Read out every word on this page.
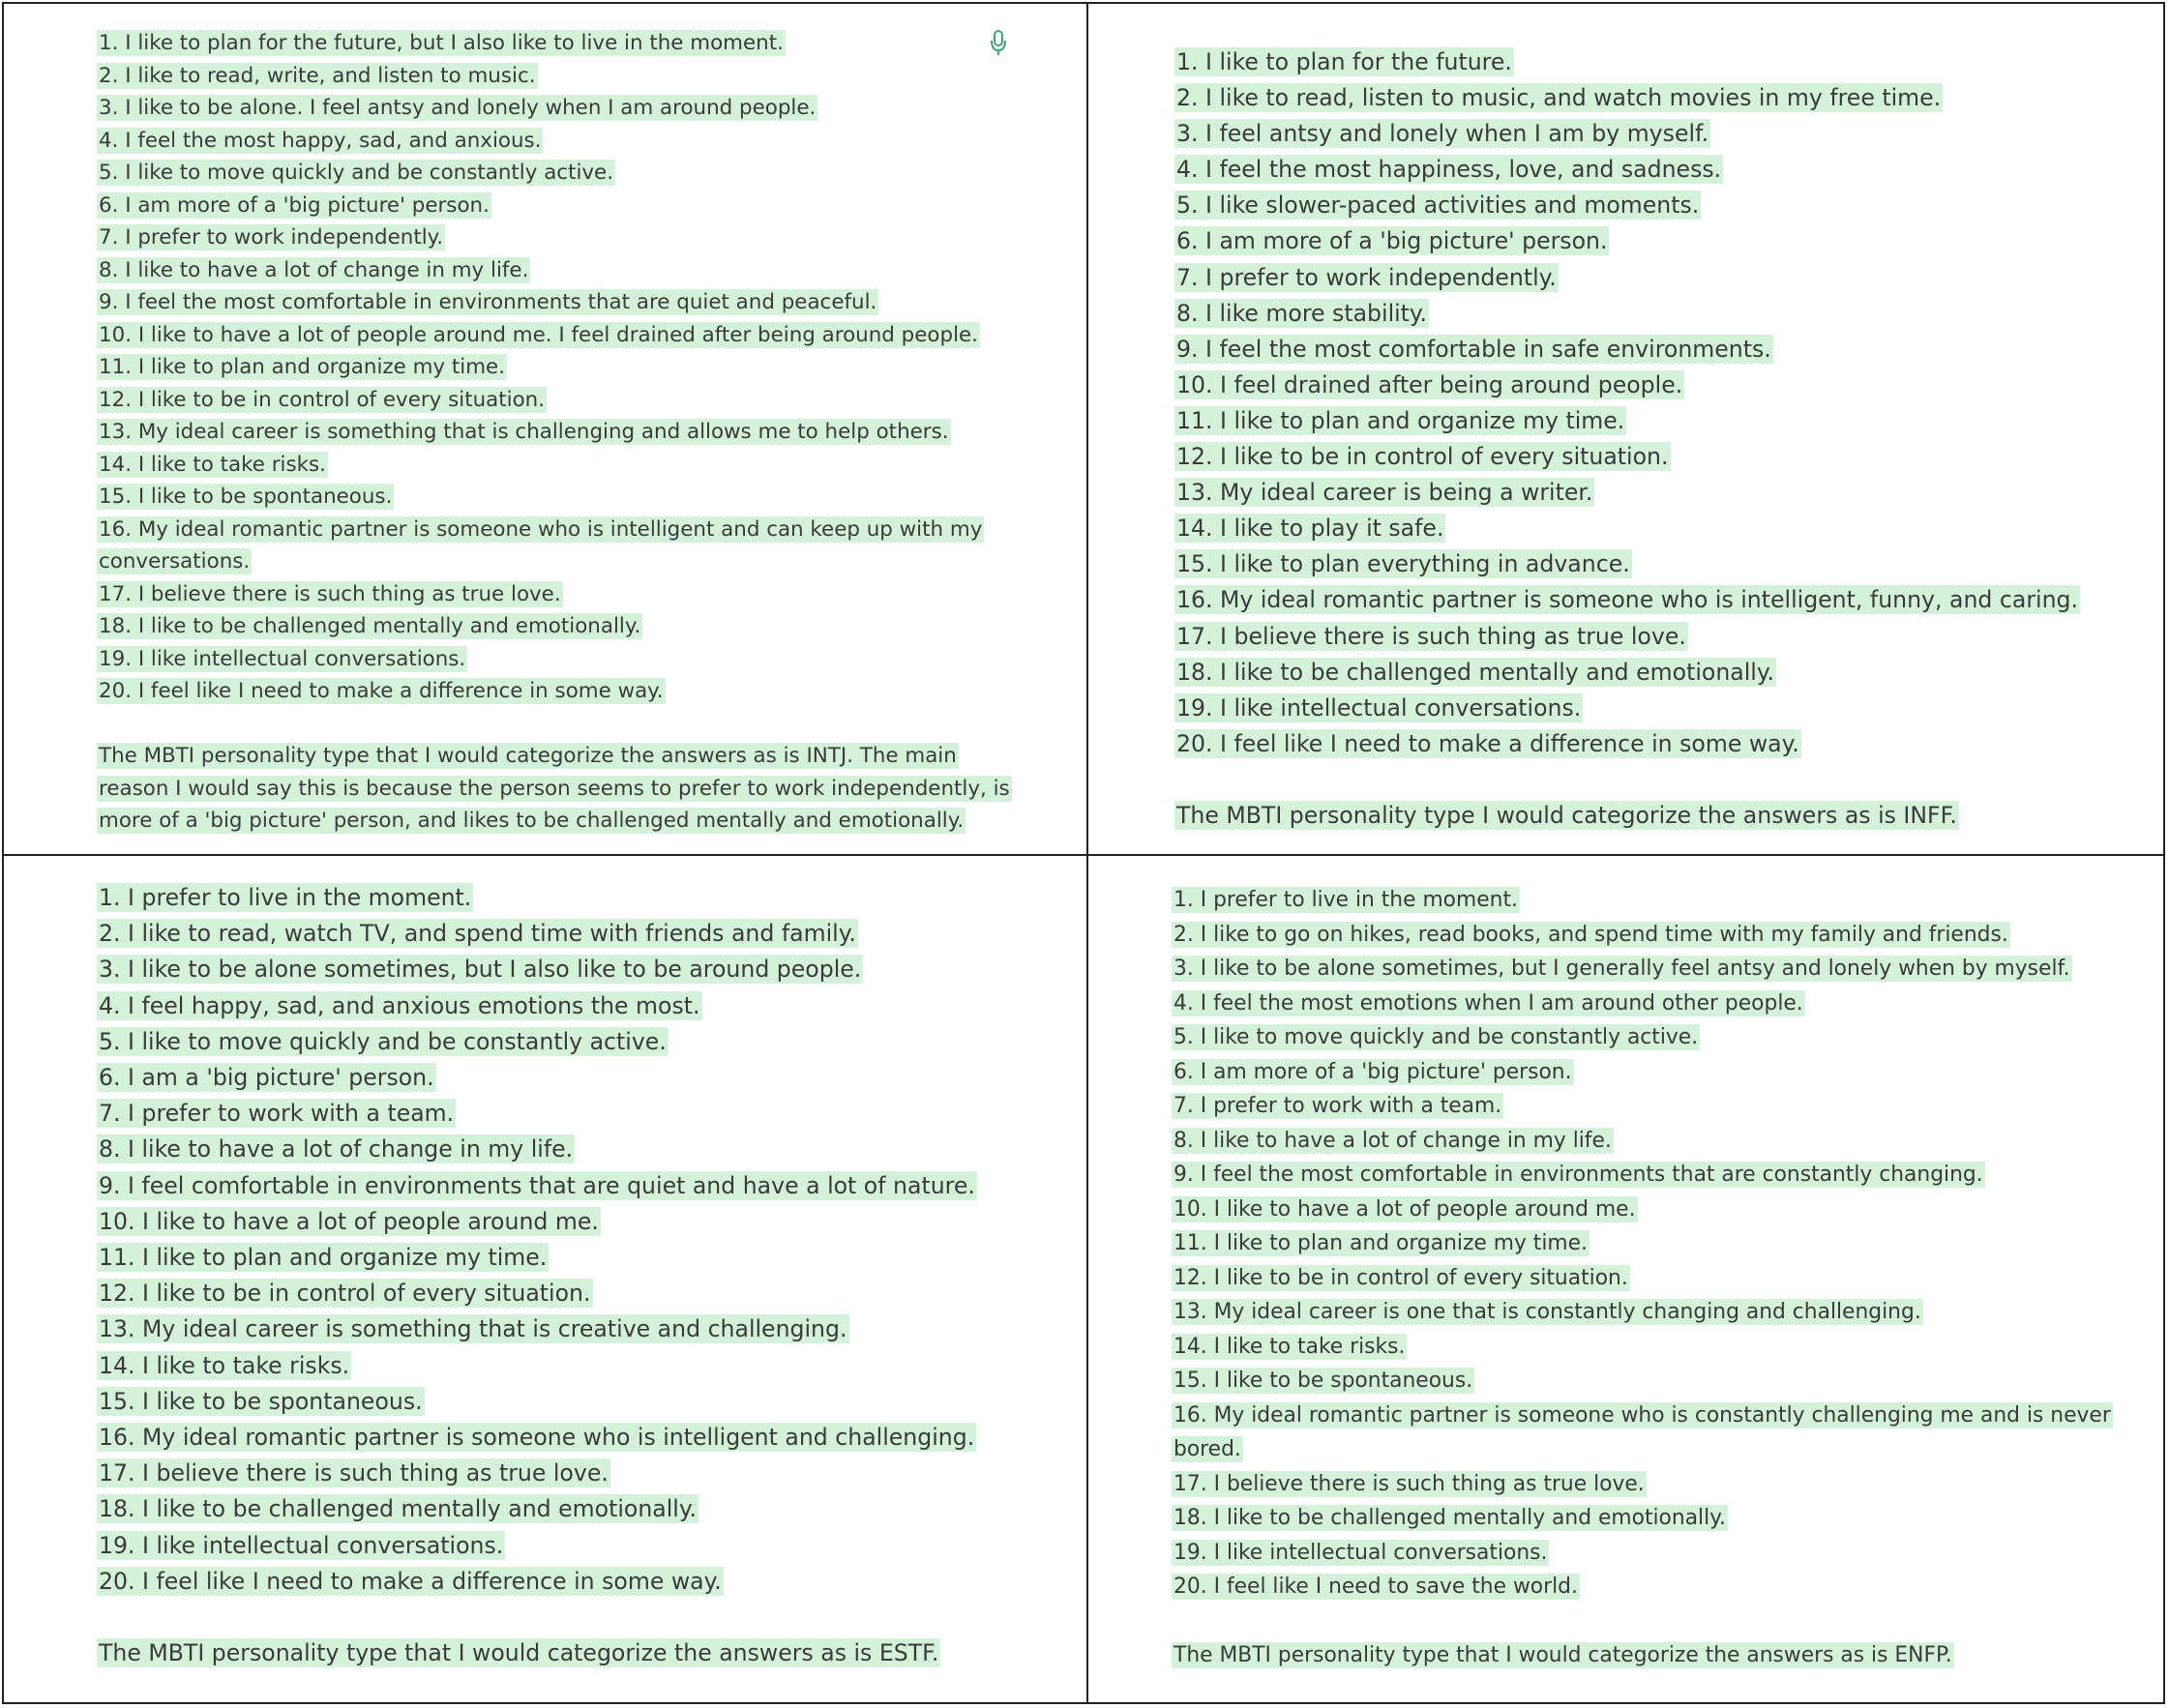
1. I like to plan for the future, but I also like to live in the moment.
2. I like to read, write, and listen to music.
3. I like to be alone. I feel antsy and lonely when I am around people.
4. I feel the most happy, sad, and anxious.
5. I like to move quickly and be constantly active.
6. I am more of a 'big picture' person.
7. I prefer to work independently.
8. I like to have a lot of change in my life.
9. I feel the most comfortable in environments that are quiet and peaceful.
10. I like to have a lot of people around me. I feel drained after being around people.
11. I like to plan and organize my time.
12. I like to be in control of every situation.
13. My ideal career is something that is challenging and allows me to help others.
14. I like to take risks.
15. I like to be spontaneous.
16. My ideal romantic partner is someone who is intelligent and can keep up with my
conversations.
17. I believe there is such thing as true love.
18. I like to be challenged mentally and emotionally.
19. I like intellectual conversations.
20. I feel like I need to make a difference in some way.
The MBTI personality type that I would categorize the answers as is INTJ. The main
reason I would say this is because the person seems to prefer to work independently, is
more of a 'big picture' person, and likes to be challenged mentally and emotionally.
1. I like to plan for the future.
2. I like to read, listen to music, and watch movies in my free time.
3. I feel antsy and lonely when I am by myself.
4. I feel the most happiness, love, and sadness.
5. I like slower-paced activities and moments.
6. I am more of a 'big picture' person.
7. I prefer to work independently.
8. I like more stability.
9. I feel the most comfortable in safe environments.
10. I feel drained after being around people.
11. I like to plan and organize my time.
12. I like to be in control of every situation.
13. My ideal career is being a writer.
14. I like to play it safe.
15. I like to plan everything in advance.
16. My ideal romantic partner is someone who is intelligent, funny, and caring.
17. I believe there is such thing as true love.
18. I like to be challenged mentally and emotionally.
19. I like intellectual conversations.
20. I feel like I need to make a difference in some way.
The MBTI personality type I would categorize the answers as is INFF.
1. I prefer to live in the moment.
2. I like to read, watch TV, and spend time with friends and family.
3. I like to be alone sometimes, but I also like to be around people.
4. I feel happy, sad, and anxious emotions the most.
5. I like to move quickly and be constantly active.
6. I am a 'big picture' person.
7. I prefer to work with a team.
8. I like to have a lot of change in my life.
9. I feel comfortable in environments that are quiet and have a lot of nature.
10. I like to have a lot of people around me.
11. I like to plan and organize my time.
12. I like to be in control of every situation.
13. My ideal career is something that is creative and challenging.
14. I like to take risks.
15. I like to be spontaneous.
16. My ideal romantic partner is someone who is intelligent and challenging.
17. I believe there is such thing as true love.
18. I like to be challenged mentally and emotionally.
19. I like intellectual conversations.
20. I feel like I need to make a difference in some way.
The MBTI personality type that I would categorize the answers as is ESTF.
1. I prefer to live in the moment.
2. I like to go on hikes, read books, and spend time with my family and friends.
3. I like to be alone sometimes, but I generally feel antsy and lonely when by myself.
4. I feel the most emotions when I am around other people.
5. I like to move quickly and be constantly active.
6. I am more of a 'big picture' person.
7. I prefer to work with a team.
8. I like to have a lot of change in my life.
9. I feel the most comfortable in environments that are constantly changing.
10. I like to have a lot of people around me.
11. I like to plan and organize my time.
12. I like to be in control of every situation.
13. My ideal career is one that is constantly changing and challenging.
14. I like to take risks.
15. I like to be spontaneous.
16. My ideal romantic partner is someone who is constantly challenging me and is never
bored.
17. I believe there is such thing as true love.
18. I like to be challenged mentally and emotionally.
19. I like intellectual conversations.
20. I feel like I need to save the world.
The MBTI personality type that I would categorize the answers as is ENFP.
